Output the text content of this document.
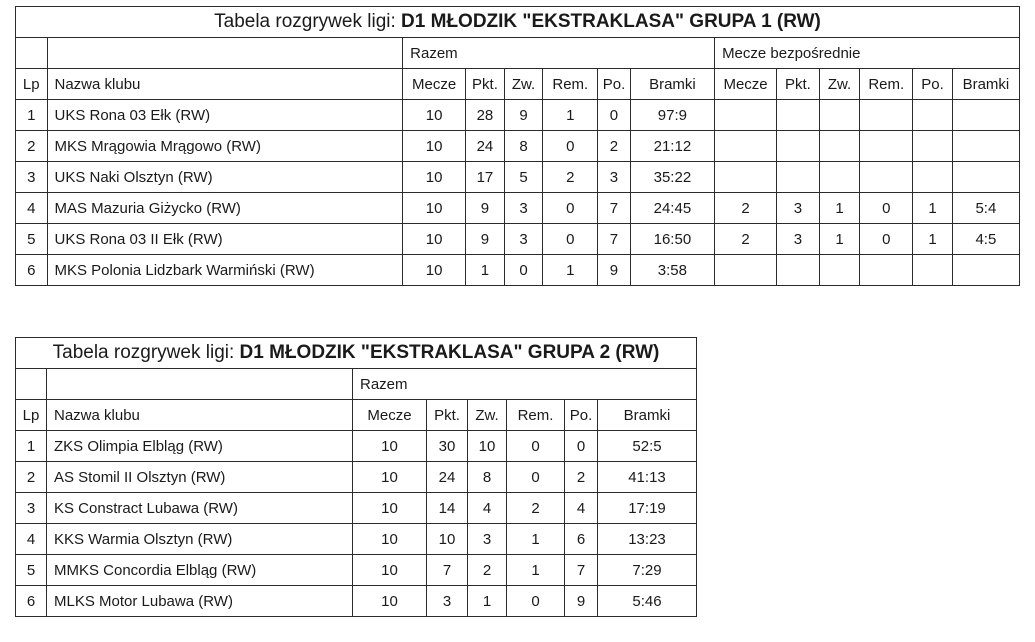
Tabela rozgrywek ligi: D1 MŁODZIK "EKSTRAKLASA" GRUPA 1 (RW)													
		Razem						Mecze bezpośrednie					
Lp	Nazwa klubu	Mecze	Pkt.	Zw.	Rem.	Po.	Bramki	Mecze	Pkt.	Zw.	Rem.	Po.	Bramki
1	UKS Rona 03 Ełk (RW)	10	28	9	1	0	97:9						
2	MKS Mrągowia Mrągowo (RW)	10	24	8	0	2	21:12						
3	UKS Naki Olsztyn (RW)	10	17	5	2	3	35:22						
4	MAS Mazuria Giżycko (RW)	10	9	3	0	7	24:45	2	3	1	0	1	5:4
5	UKS Rona 03 II Ełk (RW)	10	9	3	0	7	16:50	2	3	1	0	1	4:5
6	MKS Polonia Lidzbark Warmiński (RW)	10	1	0	1	9	3:58						
Tabela rozgrywek ligi: D1 MŁODZIK "EKSTRAKLASA" GRUPA 2 (RW)							
		Razem					
Lp	Nazwa klubu	Mecze	Pkt.	Zw.	Rem.	Po.	Bramki
1	ZKS Olimpia Elbląg (RW)	10	30	10	0	0	52:5
2	AS Stomil II Olsztyn (RW)	10	24	8	0	2	41:13
3	KS Constract Lubawa (RW)	10	14	4	2	4	17:19
4	KKS Warmia Olsztyn (RW)	10	10	3	1	6	13:23
5	MMKS Concordia Elbląg (RW)	10	7	2	1	7	7:29
6	MLKS Motor Lubawa (RW)	10	3	1	0	9	5:46
